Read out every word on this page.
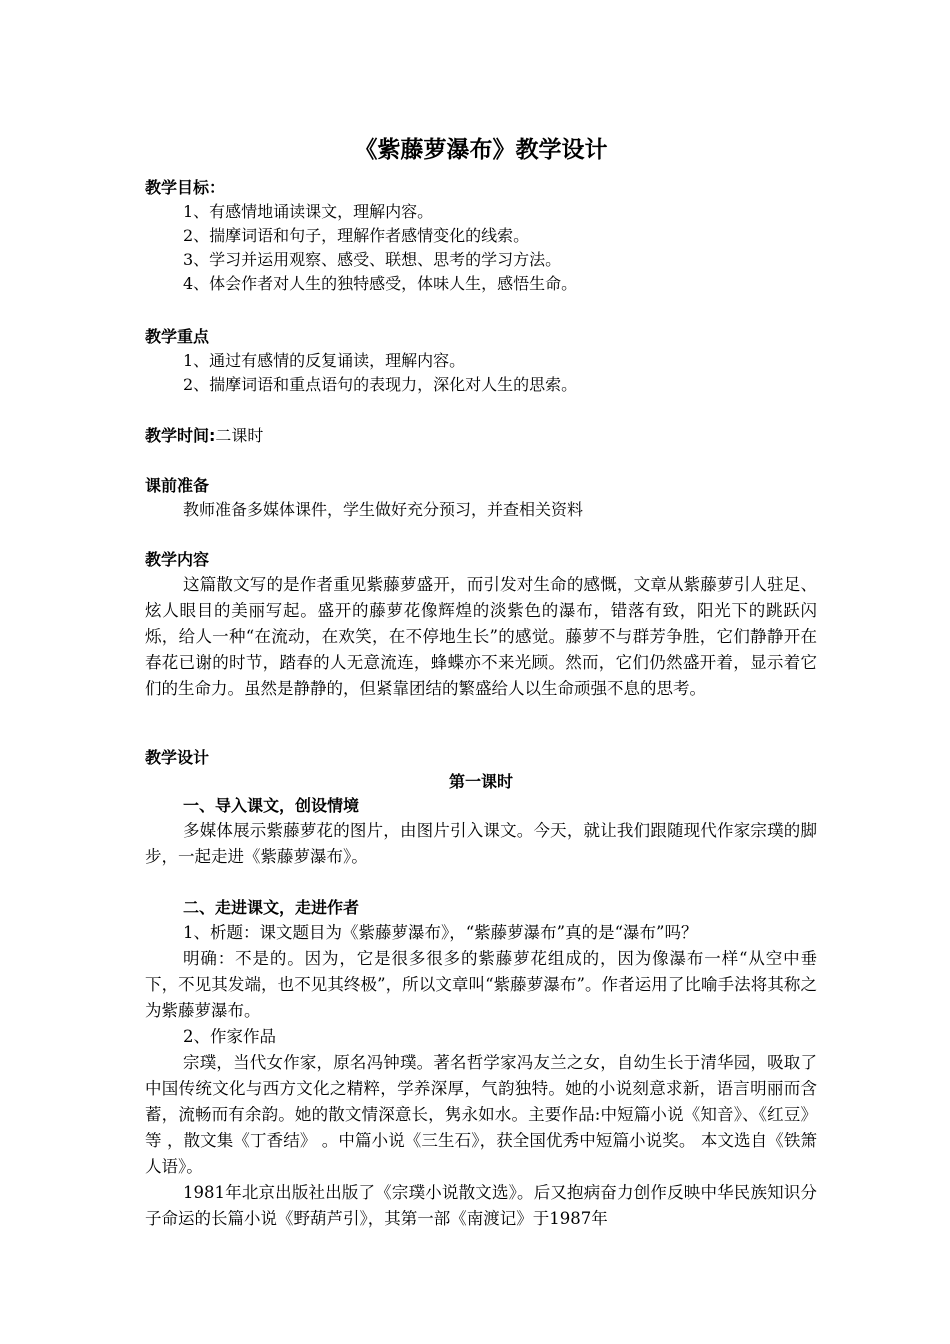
《紫藤萝瀑布》教学设计

教学目标：

1、有感情地诵读课文，理解内容。

2、揣摩词语和句子，理解作者感情变化的线索。

3、学习并运用观察、感受、联想、思考的学习方法。

4、体会作者对人生的独特感受，体味人生，感悟生命。

教学重点

1、通过有感情的反复诵读，理解内容。

2、揣摩词语和重点语句的表现力，深化对人生的思索。

教学时间:二课时

课前准备

教师准备多媒体课件，学生做好充分预习，并查相关资料

教学内容

这篇散文写的是作者重见紫藤萝盛开，而引发对生命的感慨，文章从紫藤萝引人驻足、炫人眼目的美丽写起。盛开的藤萝花像辉煌的淡紫色的瀑布，错落有致，阳光下的跳跃闪烁，给人一种“在流动，在欢笑，在不停地生长”的感觉。藤萝不与群芳争胜，它们静静开在春花已谢的时节，踏春的人无意流连，蜂蝶亦不来光顾。然而，它们仍然盛开着，显示着它们的生命力。虽然是静静的，但紧靠团结的繁盛给人以生命顽强不息的思考。

教学设计

第一课时

一、导入课文，创设情境

多媒体展示紫藤萝花的图片，由图片引入课文。今天，就让我们跟随现代作家宗璞的脚步，一起走进《紫藤萝瀑布》。

二、走进课文，走进作者

1、析题：课文题目为《紫藤萝瀑布》，“紫藤萝瀑布”真的是“瀑布”吗？

明确：不是的。因为，它是很多很多的紫藤萝花组成的，因为像瀑布一样“从空中垂下，不见其发端，也不见其终极”，所以文章叫“紫藤萝瀑布”。作者运用了比喻手法将其称之为紫藤萝瀑布。

2、作家作品

宗璞，当代女作家，原名冯钟璞。著名哲学家冯友兰之女，自幼生长于清华园，吸取了中国传统文化与西方文化之精粹，学养深厚，气韵独特。她的小说刻意求新，语言明丽而含蓄，流畅而有余韵。她的散文情深意长，隽永如水。主要作品:中短篇小说《知音》、《红豆》等 ，散文集《丁香结》 。中篇小说《三生石》，获全国优秀中短篇小说奖。 本文选自《铁箫人语》。

1981年北京出版社出版了《宗璞小说散文选》。后又抱病奋力创作反映中华民族知识分子命运的长篇小说《野葫芦引》，其第一部《南渡记》于1987年
